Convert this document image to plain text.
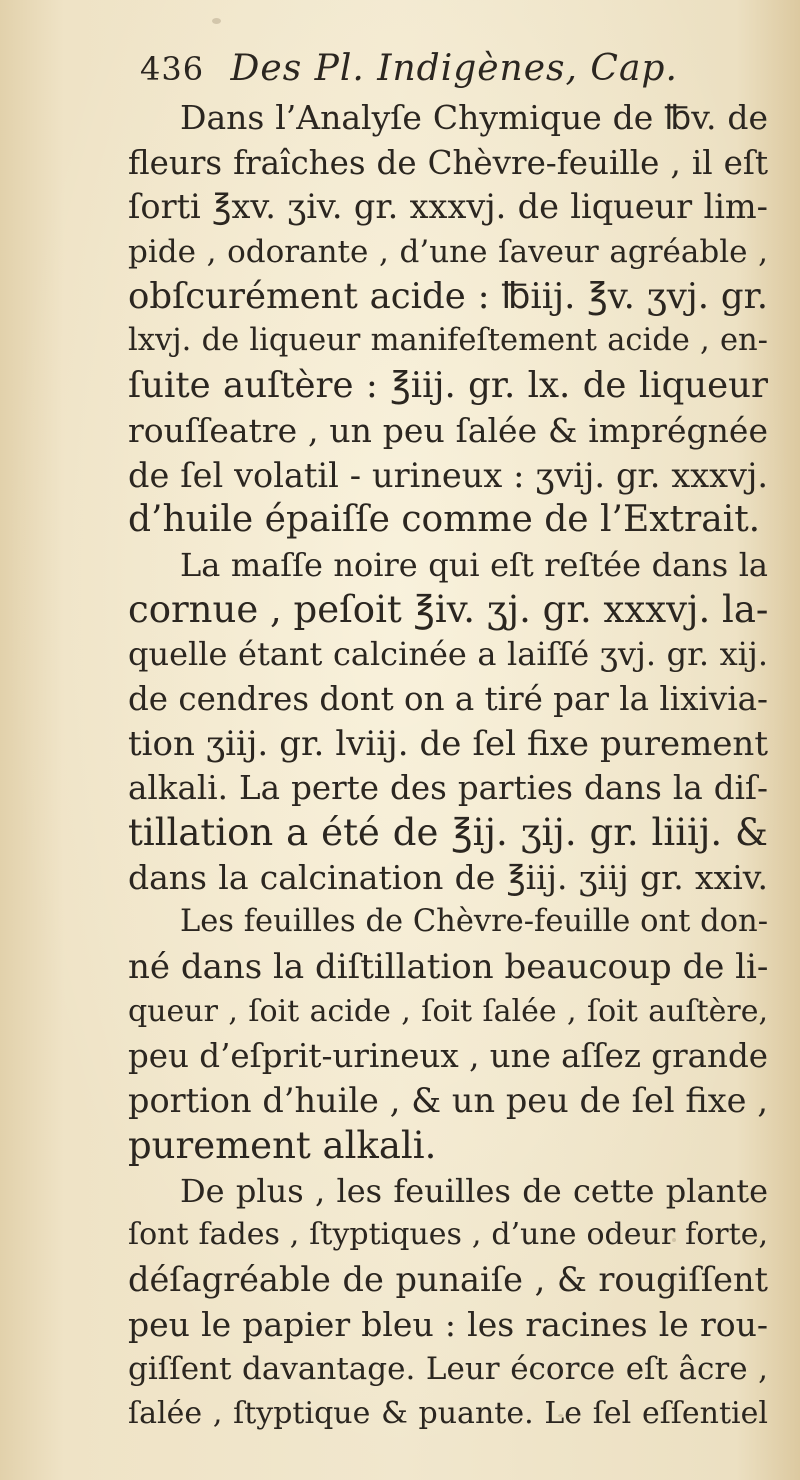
436 Des Pl. Indigènes, Cap.
Dans l’Analyſe Chymique de ℔v. de
fleurs fraîches de Chèvre-feuille , il eſt
ſorti ℥xv. ʒiv. gr. xxxvj. de liqueur lim-
pide , odorante , d’une ſaveur agréable ,
obſcurément acide : ℔iij. ℥v. ʒvj. gr.
lxvj. de liqueur manifeſtement acide , en-
ſuite auſtère : ℥iij. gr. lx. de liqueur
rouſſeatre , un peu ſalée & imprégnée
de ſel volatil - urineux : ʒvij. gr. xxxvj.
d’huile épaiſſe comme de l’Extrait.
La maſſe noire qui eſt reſtée dans la
cornue , peſoit ℥iv. ʒj. gr. xxxvj. la-
quelle étant calcinée a laiſſé ʒvj. gr. xij.
de cendres dont on a tiré par la lixivia-
tion ʒiij. gr. lviij. de ſel fixe purement
alkali. La perte des parties dans la diſ-
tillation a été de ℥ij. ʒij. gr. liiij. &
dans la calcination de ℥iij. ʒiij gr. xxiv.
Les feuilles de Chèvre-feuille ont don-
né dans la diſtillation beaucoup de li-
queur , ſoit acide , ſoit ſalée , ſoit auſtère,
peu d’eſprit-urineux , une aſſez grande
portion d’huile , & un peu de ſel fixe ,
purement alkali.
De plus , les feuilles de cette plante
ſont fades , ſtyptiques , d’une odeur forte,
déſagréable de punaiſe , & rougiſſent
peu le papier bleu : les racines le rou-
giſſent davantage. Leur écorce eſt âcre ,
ſalée , ſtyptique & puante. Le ſel eſſentiel
